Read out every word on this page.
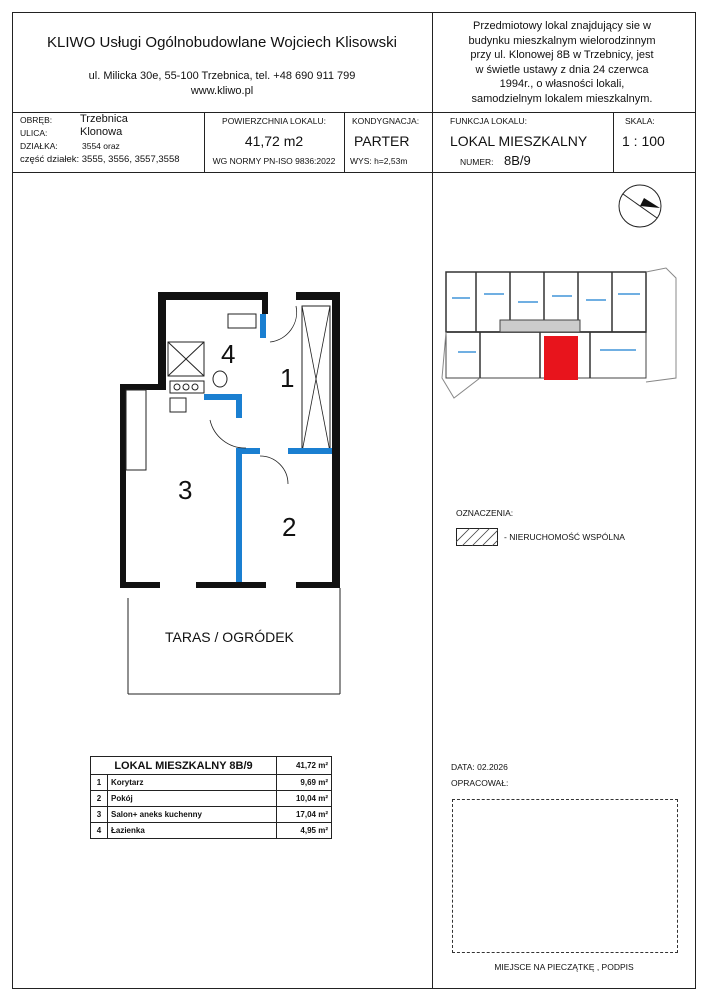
KLIWO Usługi Ogólnobudowlane Wojciech Klisowski
ul. Milicka 30e, 55-100 Trzebnica, tel. +48 690 911 799
www.kliwo.pl
Przedmiotowy lokal znajdujący sie w
budynku mieszkalnym wielorodzinnym
przy ul. Klonowej 8B w Trzebnicy, jest
w świetle ustawy z dnia 24 czerwca
1994r., o własności lokali,
samodzielnym lokalem mieszkalnym.
OBRĘB:	Trzebnica
ULICA:	Klonowa
DZIAŁKA:	3554 oraz
część działek: 3555, 3556, 3557,3558
POWIERZCHNIA LOKALU:
41,72 m2
WG NORMY PN-ISO 9836:2022
KONDYGNACJA:
PARTER
WYS: h=2,53m
FUNKCJA LOKALU:
LOKAL MIESZKALNY
NUMER: 8B/9
SKALA:
1 : 100
1
2
3
4
TARAS / OGRÓDEK
OZNACZENIA:
- NIERUCHOMOŚĆ WSPÓLNA
LOKAL MIESZKALNY 8B/9		41,72 m²
1	Korytarz	9,69 m²
2	Pokój	10,04 m²
3	Salon+ aneks kuchenny	17,04 m²
4	Łazienka	4,95 m²
DATA: 02.2026
OPRACOWAŁ:
MIEJSCE NA PIECZĄTKĘ , PODPIS
